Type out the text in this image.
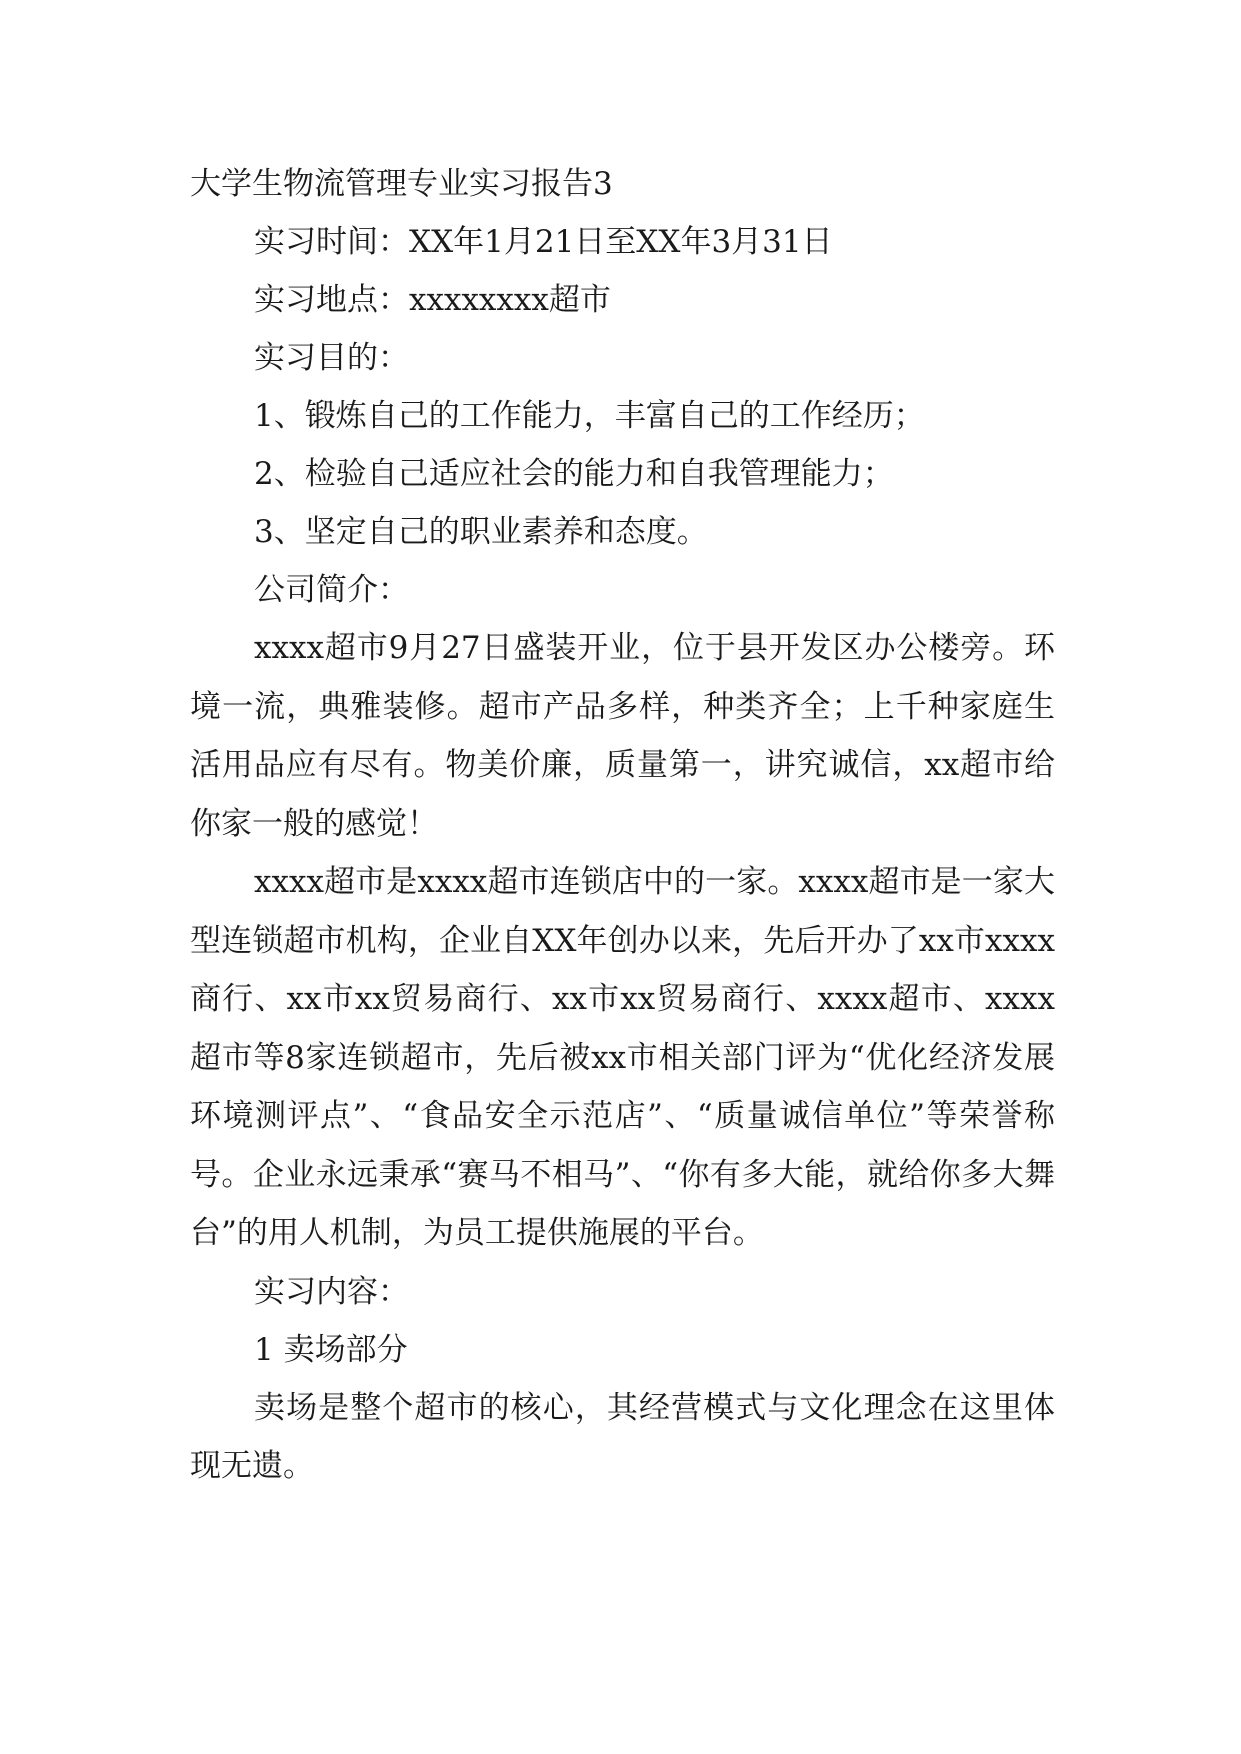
大学生物流管理专业实习报告3

实习时间：XX年1月21日至XX年3月31日

实习地点：xxxxxxxx超市

实习目的：

1、锻炼自己的工作能力，丰富自己的工作经历；

2、检验自己适应社会的能力和自我管理能力；

3、坚定自己的职业素养和态度。

公司简介：

xxxx超市9月27日盛装开业，位于县开发区办公楼旁。环境一流，典雅装修。超市产品多样，种类齐全；上千种家庭生活用品应有尽有。物美价廉，质量第一，讲究诚信，xx超市给你家一般的感觉！

xxxx超市是xxxx超市连锁店中的一家。xxxx超市是一家大型连锁超市机构，企业自XX年创办以来，先后开办了xx市xxxx商行、xx市xx贸易商行、xx市xx贸易商行、xxxx超市、xxxx超市等8家连锁超市，先后被xx市相关部门评为“优化经济发展环境测评点”、“食品安全示范店”、“质量诚信单位”等荣誉称号。企业永远秉承“赛马不相马”、“你有多大能，就给你多大舞台”的用人机制，为员工提供施展的平台。

实习内容：

1 卖场部分

卖场是整个超市的核心，其经营模式与文化理念在这里体现无遗。
